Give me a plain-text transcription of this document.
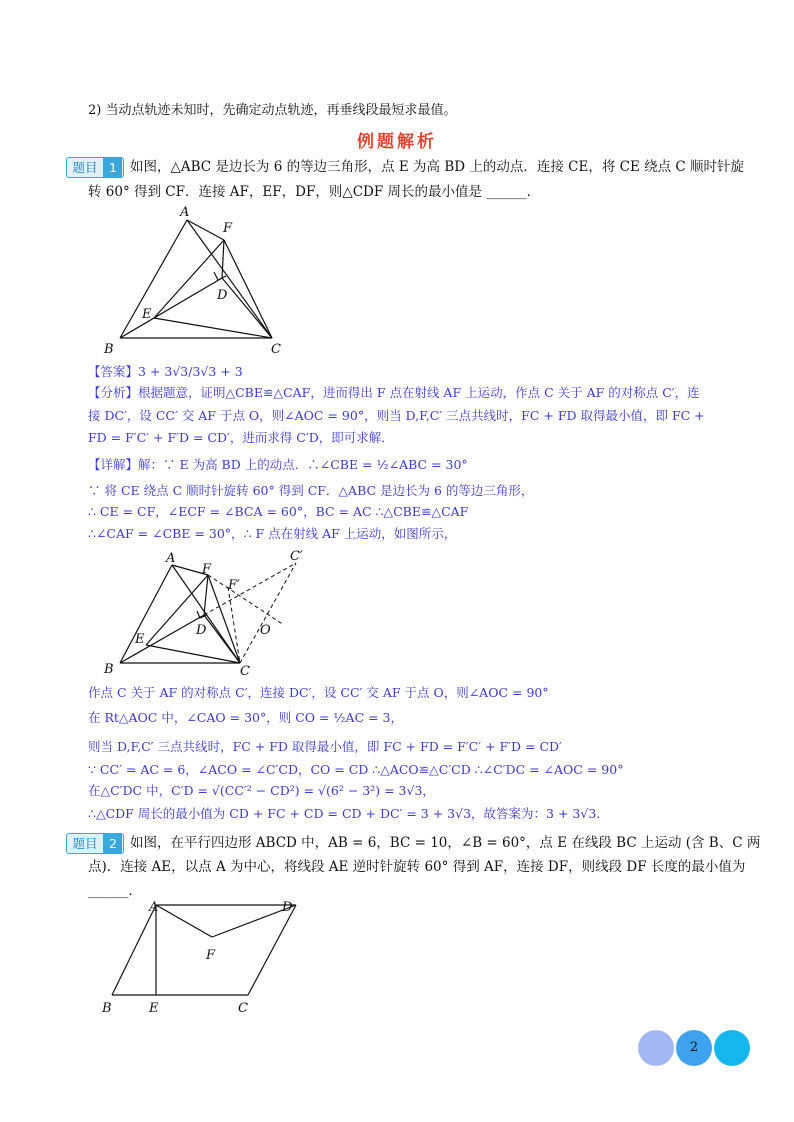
2) 当动点轨迹未知时，先确定动点轨迹，再垂线段最短求最值。
例题解析
题目 1 如图，△ABC 是边长为 6 的等边三角形，点 E 为高 BD 上的动点．连接 CE，将 CE 绕点 C 顺时针旋
转 60° 得到 CF．连接 AF，EF，DF，则△CDF 周长的最小值是 ______．
A
F
D
E
B	C
【答案】3 + 3√3/3√3 + 3
【分析】根据题意，证明△CBE≌△CAF，进而得出 F 点在射线 AF 上运动，作点 C 关于 AF 的对称点 C′，连
接 DC′，设 CC′ 交 AF 于点 O，则∠AOC = 90°，则当 D,F,C′ 三点共线时，FC + FD 取得最小值，即 FC +
FD = F′C′ + F′D = CD′，进而求得 C′D，即可求解．
【详解】解：∵ E 为高 BD 上的动点．∴∠CBE = ½∠ABC = 30°
∵ 将 CE 绕点 C 顺时针旋转 60° 得到 CF．△ABC 是边长为 6 的等边三角形，
∴ CE = CF，∠ECF = ∠BCA = 60°，BC = AC ∴△CBE≌△CAF
∴∠CAF = ∠CBE = 30°，∴ F 点在射线 AF 上运动，如图所示，
A
F
C′
F′
D
E
O
B	C
作点 C 关于 AF 的对称点 C′，连接 DC′，设 CC′ 交 AF 于点 O，则∠AOC = 90°
在 Rt△AOC 中，∠CAO = 30°，则 CO = ½AC = 3，
则当 D,F,C′ 三点共线时，FC + FD 取得最小值，即 FC + FD = F′C′ + F′D = CD′
∵ CC′ = AC = 6，∠ACO = ∠C′CD，CO = CD ∴△ACO≌△C′CD ∴∠C′DC = ∠AOC = 90°
在△C′DC 中，C′D = √(CC′² − CD²) = √(6² − 3²) = 3√3，
∴△CDF 周长的最小值为 CD + FC + CD = CD + DC′ = 3 + 3√3，故答案为：3 + 3√3.
题目 2 如图，在平行四边形 ABCD 中，AB = 6，BC = 10，∠B = 60°，点 E 在线段 BC 上运动 (含 B、C 两
点)．连接 AE，以点 A 为中心，将线段 AE 逆时针旋转 60° 得到 AF，连接 DF，则线段 DF 长度的最小值为
______．
A	D
F
B	E	C
2
